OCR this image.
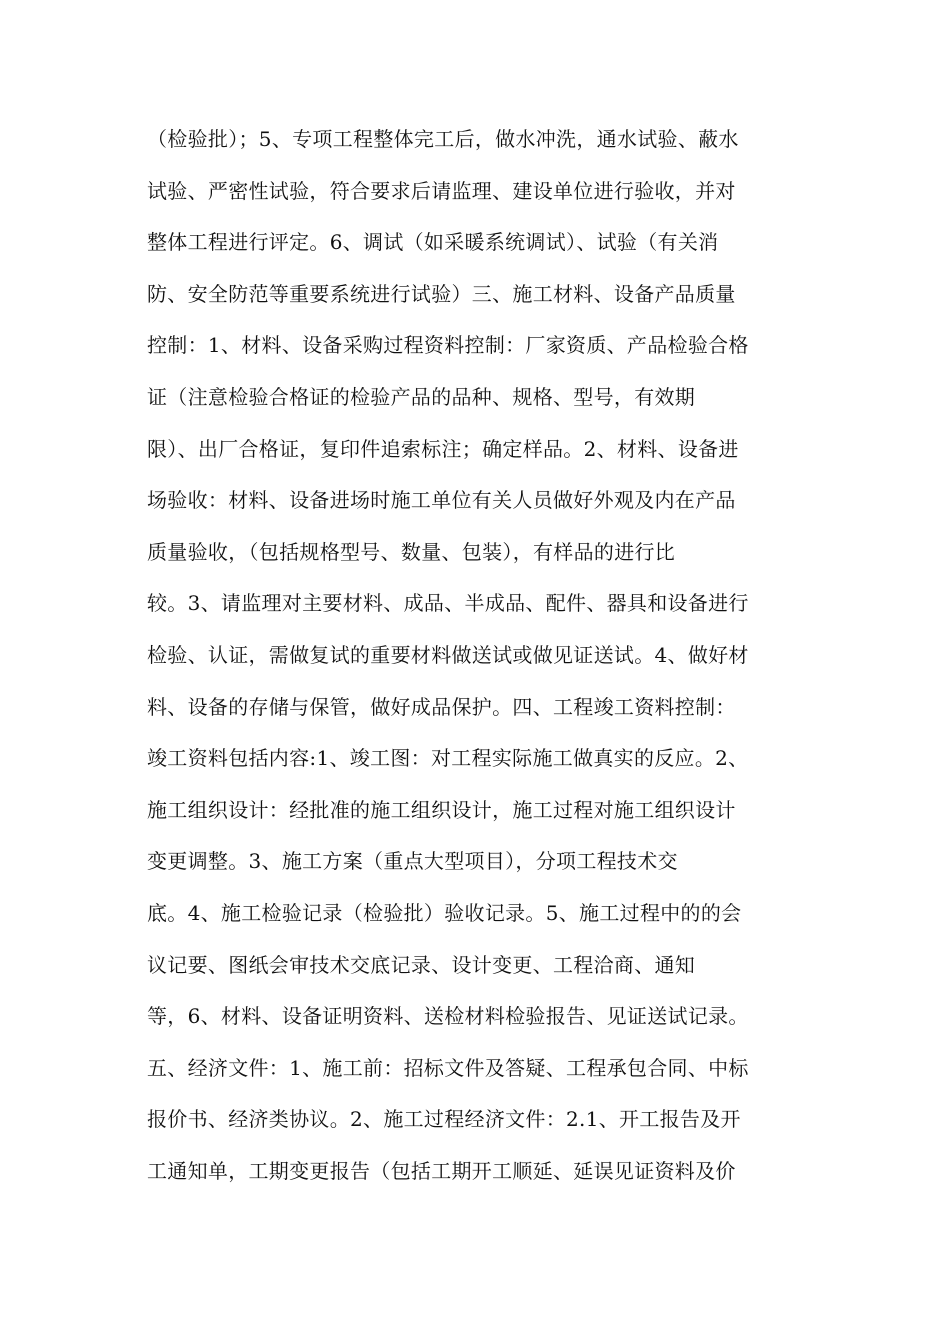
（检验批）；5、专项工程整体完工后，做水冲洗，通水试验、蔽水
试验、严密性试验，符合要求后请监理、建设单位进行验收，并对
整体工程进行评定。6、调试（如采暖系统调试）、试验（有关消
防、安全防范等重要系统进行试验）三、施工材料、设备产品质量
控制：1、材料、设备采购过程资料控制：厂家资质、产品检验合格
证（注意检验合格证的检验产品的品种、规格、型号，有效期
限）、出厂合格证，复印件追索标注；确定样品。2、材料、设备进
场验收：材料、设备进场时施工单位有关人员做好外观及内在产品
质量验收，（包括规格型号、数量、包装），有样品的进行比
较。3、请监理对主要材料、成品、半成品、配件、器具和设备进行
检验、认证，需做复试的重要材料做送试或做见证送试。4、做好材
料、设备的存储与保管，做好成品保护。四、工程竣工资料控制：
竣工资料包括内容:1、竣工图：对工程实际施工做真实的反应。2、
施工组织设计：经批准的施工组织设计，施工过程对施工组织设计
变更调整。3、施工方案（重点大型项目），分项工程技术交
底。4、施工检验记录（检验批）验收记录。5、施工过程中的的会
议记要、图纸会审技术交底记录、设计变更、工程洽商、通知
等，6、材料、设备证明资料、送检材料检验报告、见证送试记录。
五、经济文件：1、施工前：招标文件及答疑、工程承包合同、中标
报价书、经济类协议。2、施工过程经济文件：2.1、开工报告及开
工通知单，工期变更报告（包括工期开工顺延、延误见证资料及价
